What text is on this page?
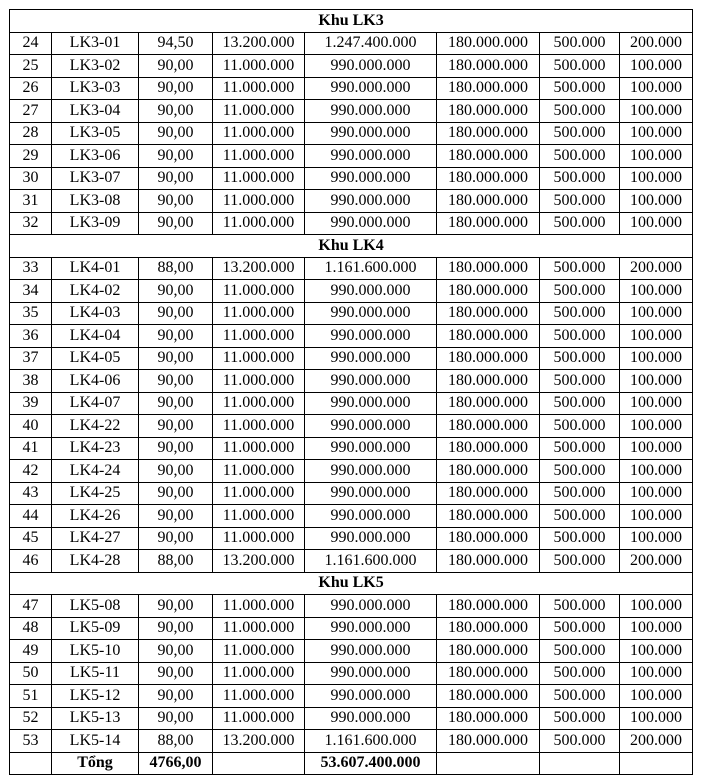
Khu LK3							
24	LK3-01	94,50	13.200.000	1.247.400.000	180.000.000	500.000	200.000
25	LK3-02	90,00	11.000.000	990.000.000	180.000.000	500.000	100.000
26	LK3-03	90,00	11.000.000	990.000.000	180.000.000	500.000	100.000
27	LK3-04	90,00	11.000.000	990.000.000	180.000.000	500.000	100.000
28	LK3-05	90,00	11.000.000	990.000.000	180.000.000	500.000	100.000
29	LK3-06	90,00	11.000.000	990.000.000	180.000.000	500.000	100.000
30	LK3-07	90,00	11.000.000	990.000.000	180.000.000	500.000	100.000
31	LK3-08	90,00	11.000.000	990.000.000	180.000.000	500.000	100.000
32	LK3-09	90,00	11.000.000	990.000.000	180.000.000	500.000	100.000
Khu LK4							
33	LK4-01	88,00	13.200.000	1.161.600.000	180.000.000	500.000	200.000
34	LK4-02	90,00	11.000.000	990.000.000	180.000.000	500.000	100.000
35	LK4-03	90,00	11.000.000	990.000.000	180.000.000	500.000	100.000
36	LK4-04	90,00	11.000.000	990.000.000	180.000.000	500.000	100.000
37	LK4-05	90,00	11.000.000	990.000.000	180.000.000	500.000	100.000
38	LK4-06	90,00	11.000.000	990.000.000	180.000.000	500.000	100.000
39	LK4-07	90,00	11.000.000	990.000.000	180.000.000	500.000	100.000
40	LK4-22	90,00	11.000.000	990.000.000	180.000.000	500.000	100.000
41	LK4-23	90,00	11.000.000	990.000.000	180.000.000	500.000	100.000
42	LK4-24	90,00	11.000.000	990.000.000	180.000.000	500.000	100.000
43	LK4-25	90,00	11.000.000	990.000.000	180.000.000	500.000	100.000
44	LK4-26	90,00	11.000.000	990.000.000	180.000.000	500.000	100.000
45	LK4-27	90,00	11.000.000	990.000.000	180.000.000	500.000	100.000
46	LK4-28	88,00	13.200.000	1.161.600.000	180.000.000	500.000	200.000
Khu LK5							
47	LK5-08	90,00	11.000.000	990.000.000	180.000.000	500.000	100.000
48	LK5-09	90,00	11.000.000	990.000.000	180.000.000	500.000	100.000
49	LK5-10	90,00	11.000.000	990.000.000	180.000.000	500.000	100.000
50	LK5-11	90,00	11.000.000	990.000.000	180.000.000	500.000	100.000
51	LK5-12	90,00	11.000.000	990.000.000	180.000.000	500.000	100.000
52	LK5-13	90,00	11.000.000	990.000.000	180.000.000	500.000	100.000
53	LK5-14	88,00	13.200.000	1.161.600.000	180.000.000	500.000	200.000
	Tổng	4766,00		53.607.400.000			
